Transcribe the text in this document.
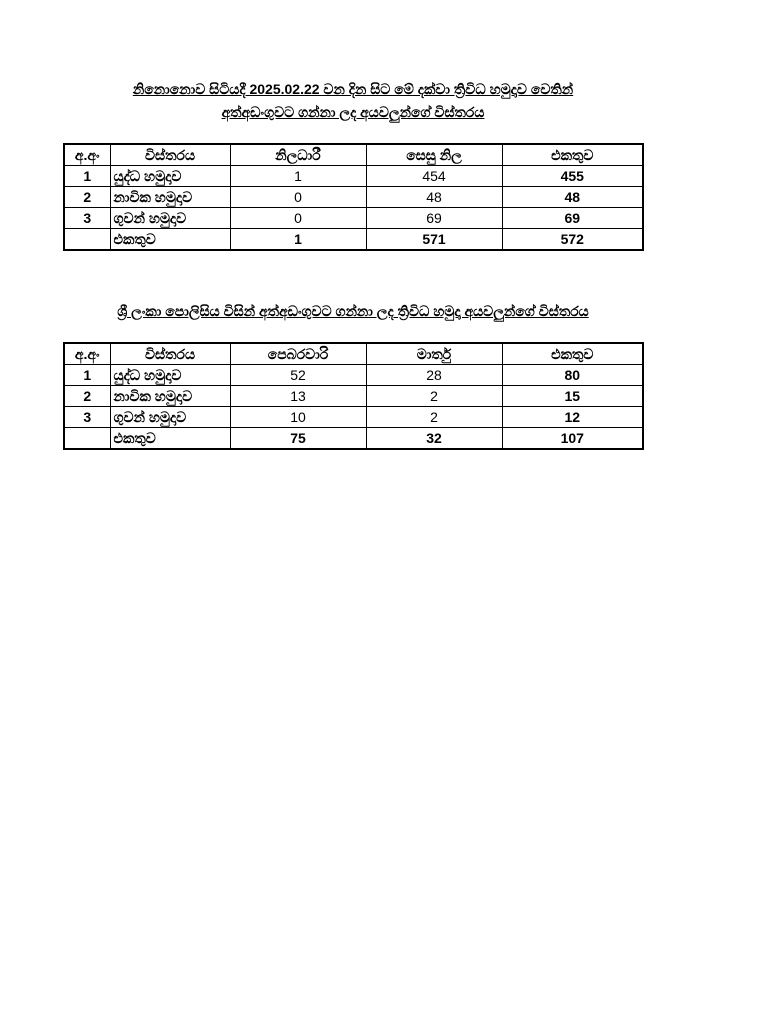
නිනොනොව සිටියදී 2025.02.22 වන දින සිට මේ දක්වා ත්‍රිවිධ හමුදාව වෙතින්
අත්අඩංගුවට ගන්නා ලද අයවලුන්ගේ විස්තරය
අ.අං	විස්තරය	නිලධාරී	සෙසු නිල	එකතුව
1	යුද්ධ හමුදාව	1	454	455
2	නාවික හමුදාව	0	48	48
3	ගුවන් හමුදාව	0	69	69
	එකතුව	1	571	572
ශ්‍රී ලංකා පොලිසිය විසින් අත්අඩංගුවට ගන්නා ලද ත්‍රිවිධ හමුදා අයවලුන්ගේ විස්තරය
අ.අං	විස්තරය	පෙබරවාරි	මාර්තු	එකතුව
1	යුද්ධ හමුදාව	52	28	80
2	නාවික හමුදාව	13	2	15
3	ගුවන් හමුදාව	10	2	12
	එකතුව	75	32	107
